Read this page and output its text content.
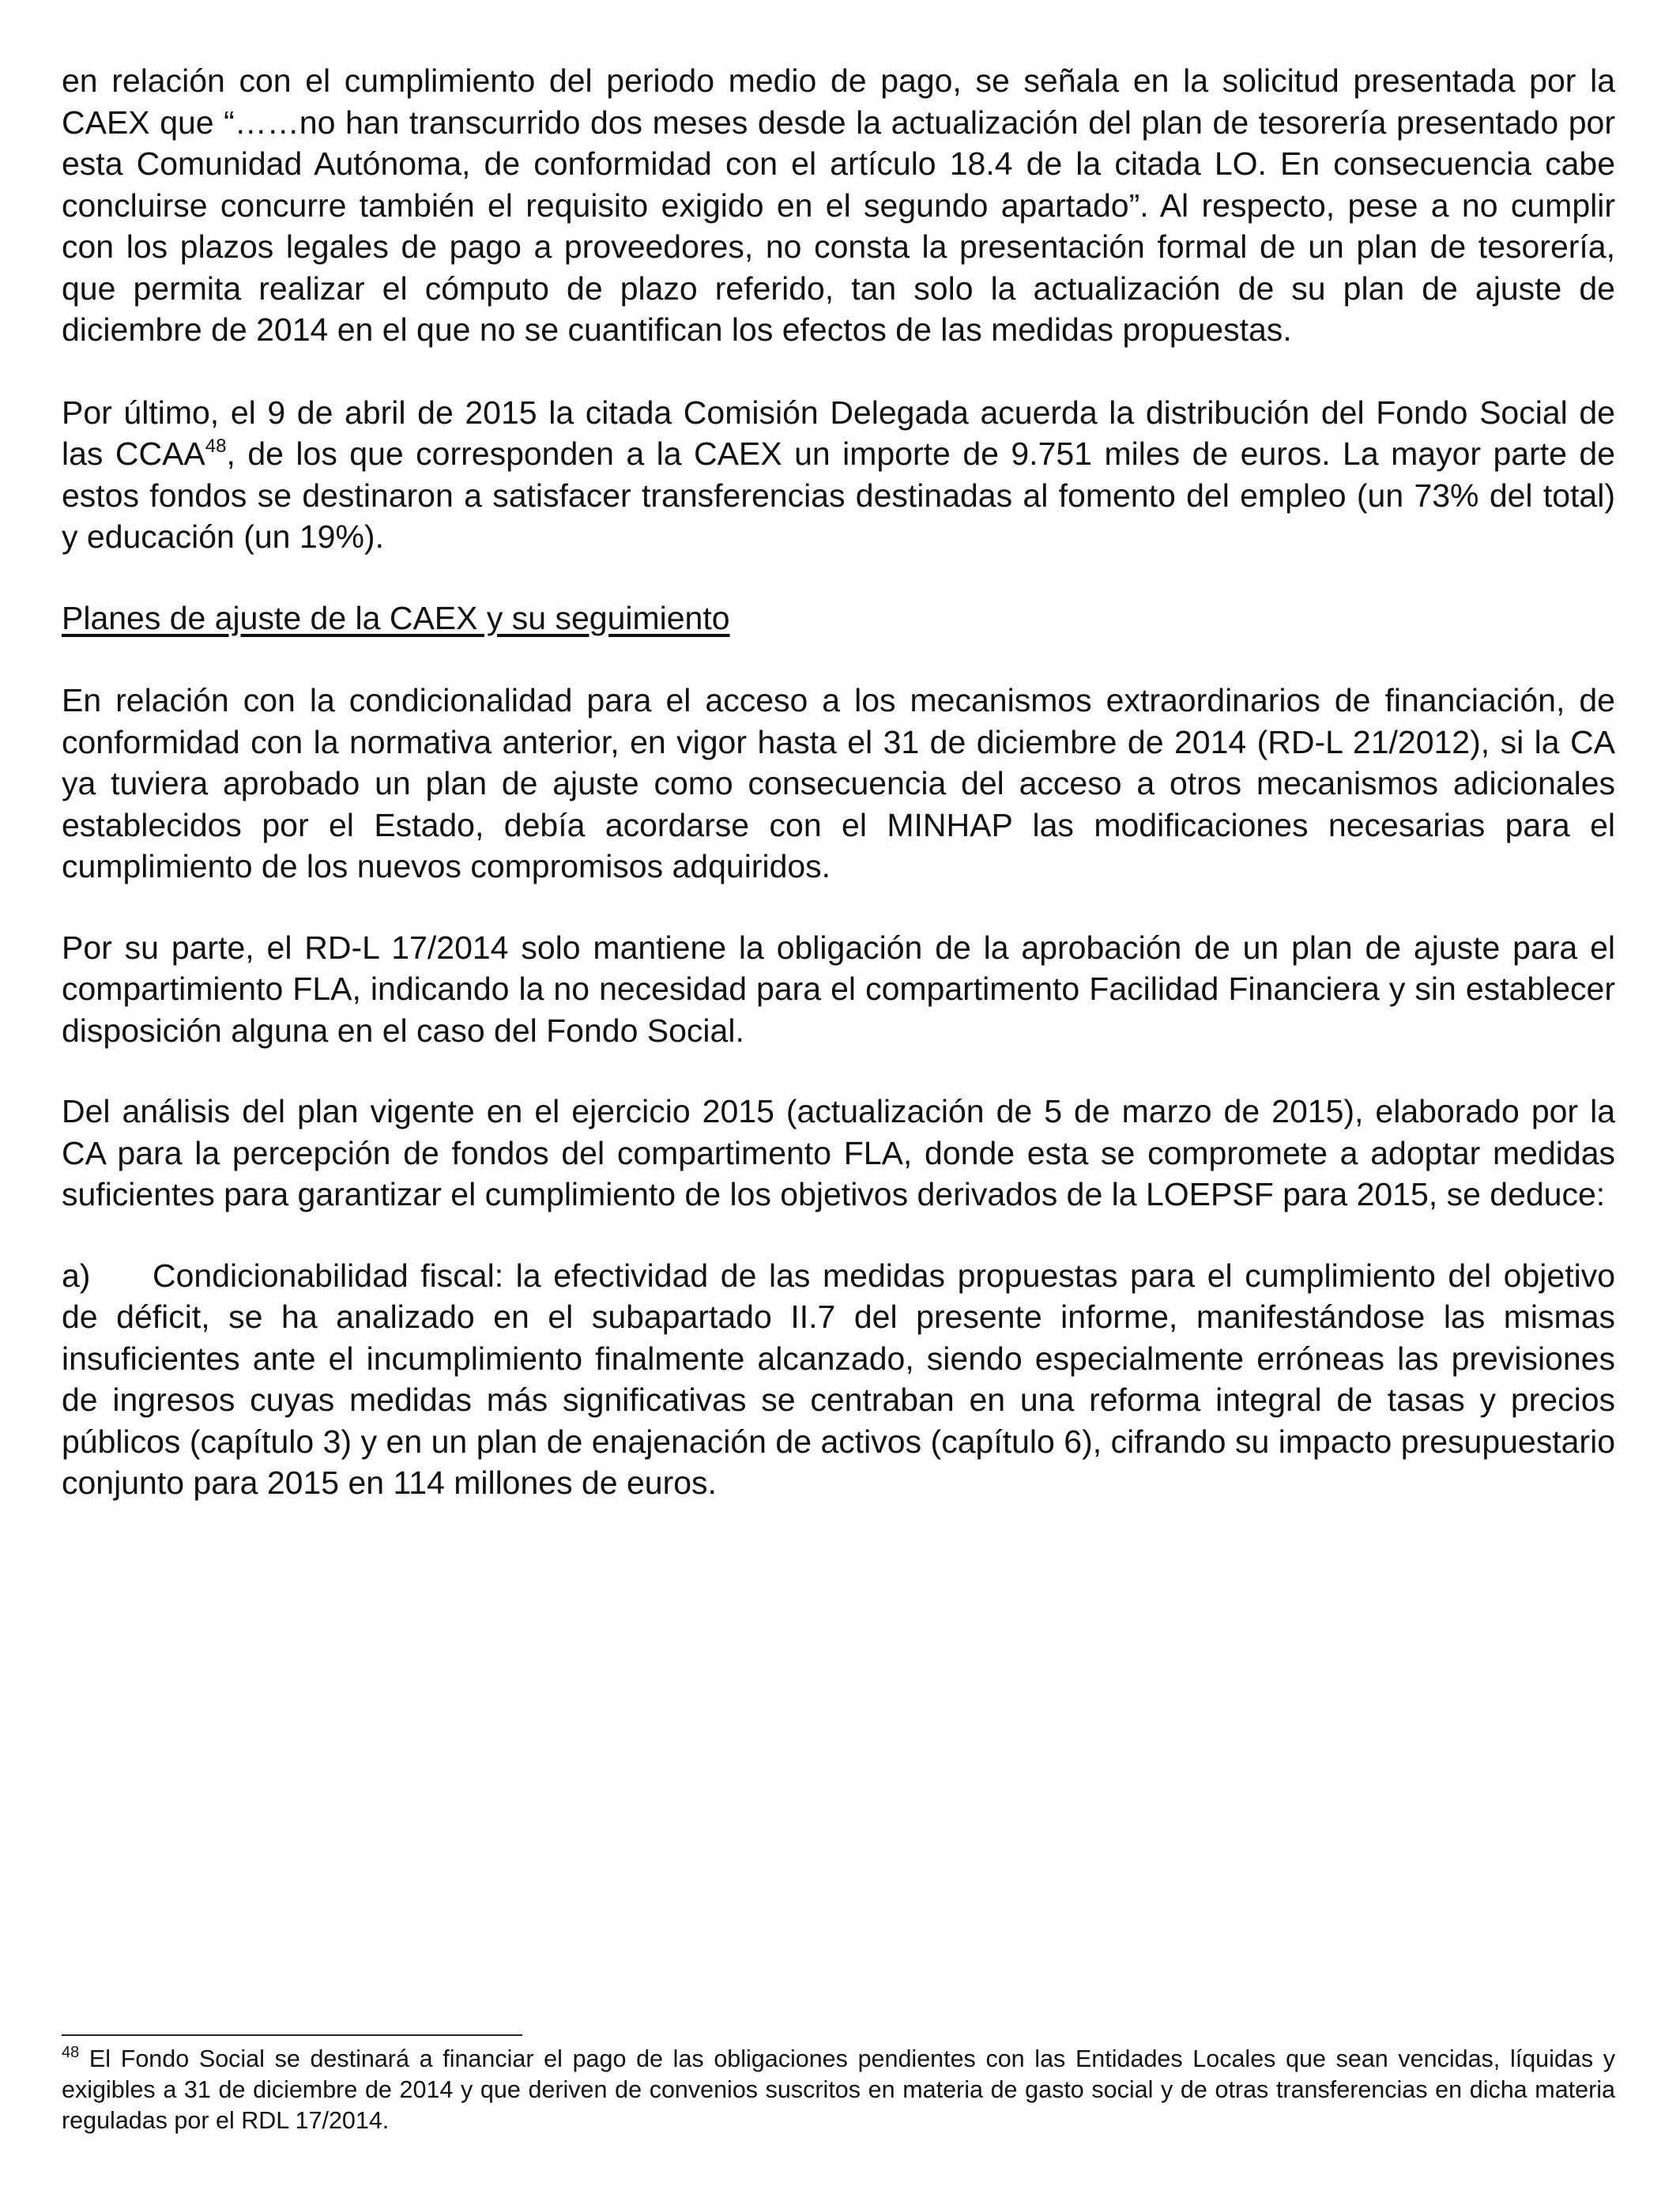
en relación con el cumplimiento del periodo medio de pago, se señala en la solicitud presentada por la CAEX que “……no han transcurrido dos meses desde la actualización del plan de tesorería presentado por esta Comunidad Autónoma, de conformidad con el artículo 18.4 de la citada LO. En consecuencia cabe concluirse concurre también el requisito exigido en el segundo apartado”. Al respecto, pese a no cumplir con los plazos legales de pago a proveedores, no consta la presentación formal de un plan de tesorería, que permita realizar el cómputo de plazo referido, tan solo la actualización de su plan de ajuste de diciembre de 2014 en el que no se cuantifican los efectos de las medidas propuestas.

Por último, el 9 de abril de 2015 la citada Comisión Delegada acuerda la distribución del Fondo Social de las CCAA$^{48}$, de los que corresponden a la CAEX un importe de 9.751 miles de euros. La mayor parte de estos fondos se destinaron a satisfacer transferencias destinadas al fomento del empleo (un 73% del total) y educación (un 19%).

Planes de ajuste de la CAEX y su seguimiento

En relación con la condicionalidad para el acceso a los mecanismos extraordinarios de financiación, de conformidad con la normativa anterior, en vigor hasta el 31 de diciembre de 2014 (RD-L 21/2012), si la CA ya tuviera aprobado un plan de ajuste como consecuencia del acceso a otros mecanismos adicionales establecidos por el Estado, debía acordarse con el MINHAP las modificaciones necesarias para el cumplimiento de los nuevos compromisos adquiridos.

Por su parte, el RD-L 17/2014 solo mantiene la obligación de la aprobación de un plan de ajuste para el compartimiento FLA, indicando la no necesidad para el compartimento Facilidad Financiera y sin establecer disposición alguna en el caso del Fondo Social.

Del análisis del plan vigente en el ejercicio 2015 (actualización de 5 de marzo de 2015), elaborado por la CA para la percepción de fondos del compartimento FLA, donde esta se compromete a adoptar medidas suficientes para garantizar el cumplimiento de los objetivos derivados de la LOEPSF para 2015, se deduce:

a) Condicionabilidad fiscal: la efectividad de las medidas propuestas para el cumplimiento del objetivo de déficit, se ha analizado en el subapartado II.7 del presente informe, manifestándose las mismas insuficientes ante el incumplimiento finalmente alcanzado, siendo especialmente erróneas las previsiones de ingresos cuyas medidas más significativas se centraban en una reforma integral de tasas y precios públicos (capítulo 3) y en un plan de enajenación de activos (capítulo 6), cifrando su impacto presupuestario conjunto para 2015 en 114 millones de euros.

$^{48}$ El Fondo Social se destinará a financiar el pago de las obligaciones pendientes con las Entidades Locales que sean vencidas, líquidas y exigibles a 31 de diciembre de 2014 y que deriven de convenios suscritos en materia de gasto social y de otras transferencias en dicha materia reguladas por el RDL 17/2014.
